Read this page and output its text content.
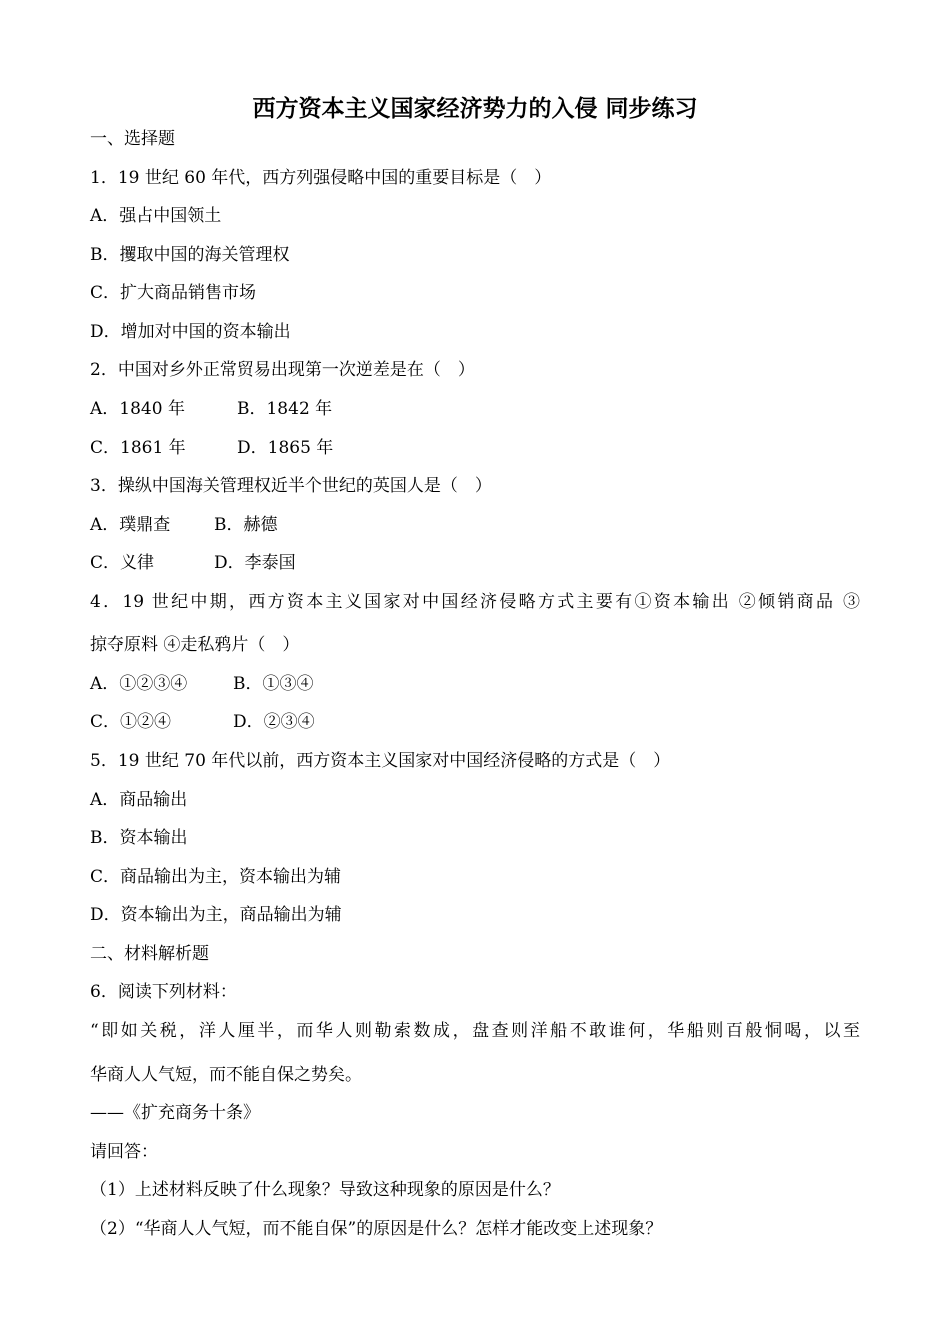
西方资本主义国家经济势力的入侵 同步练习
一、选择题
1．19 世纪 60 年代，西方列强侵略中国的重要目标是（　）
A．强占中国领土
B．攫取中国的海关管理权
C．扩大商品销售市场
D．增加对中国的资本输出
2．中国对乡外正常贸易出现第一次逆差是在（　）
A．1840 年	B．1842 年
C．1861 年	D．1865 年
3．操纵中国海关管理权近半个世纪的英国人是（　）
A．璞鼎查	B．赫德
C．义律	D．李泰国
4．19 世纪中期，西方资本主义国家对中国经济侵略方式主要有①资本输出 ②倾销商品 ③
掠夺原料 ④走私鸦片（　）
A．①②③④	B．①③④
C．①②④	D．②③④
5．19 世纪 70 年代以前，西方资本主义国家对中国经济侵略的方式是（　）
A．商品输出
B．资本输出
C．商品输出为主，资本输出为辅
D．资本输出为主，商品输出为辅
二、材料解析题
6．阅读下列材料：
“即如关税，洋人厘半，而华人则勒索数成，盘查则洋船不敢谁何，华船则百般恫喝，以至
华商人人气短，而不能自保之势矣。
——《扩充商务十条》
请回答：
（1）上述材料反映了什么现象？导致这种现象的原因是什么？
（2）“华商人人气短，而不能自保”的原因是什么？怎样才能改变上述现象？
